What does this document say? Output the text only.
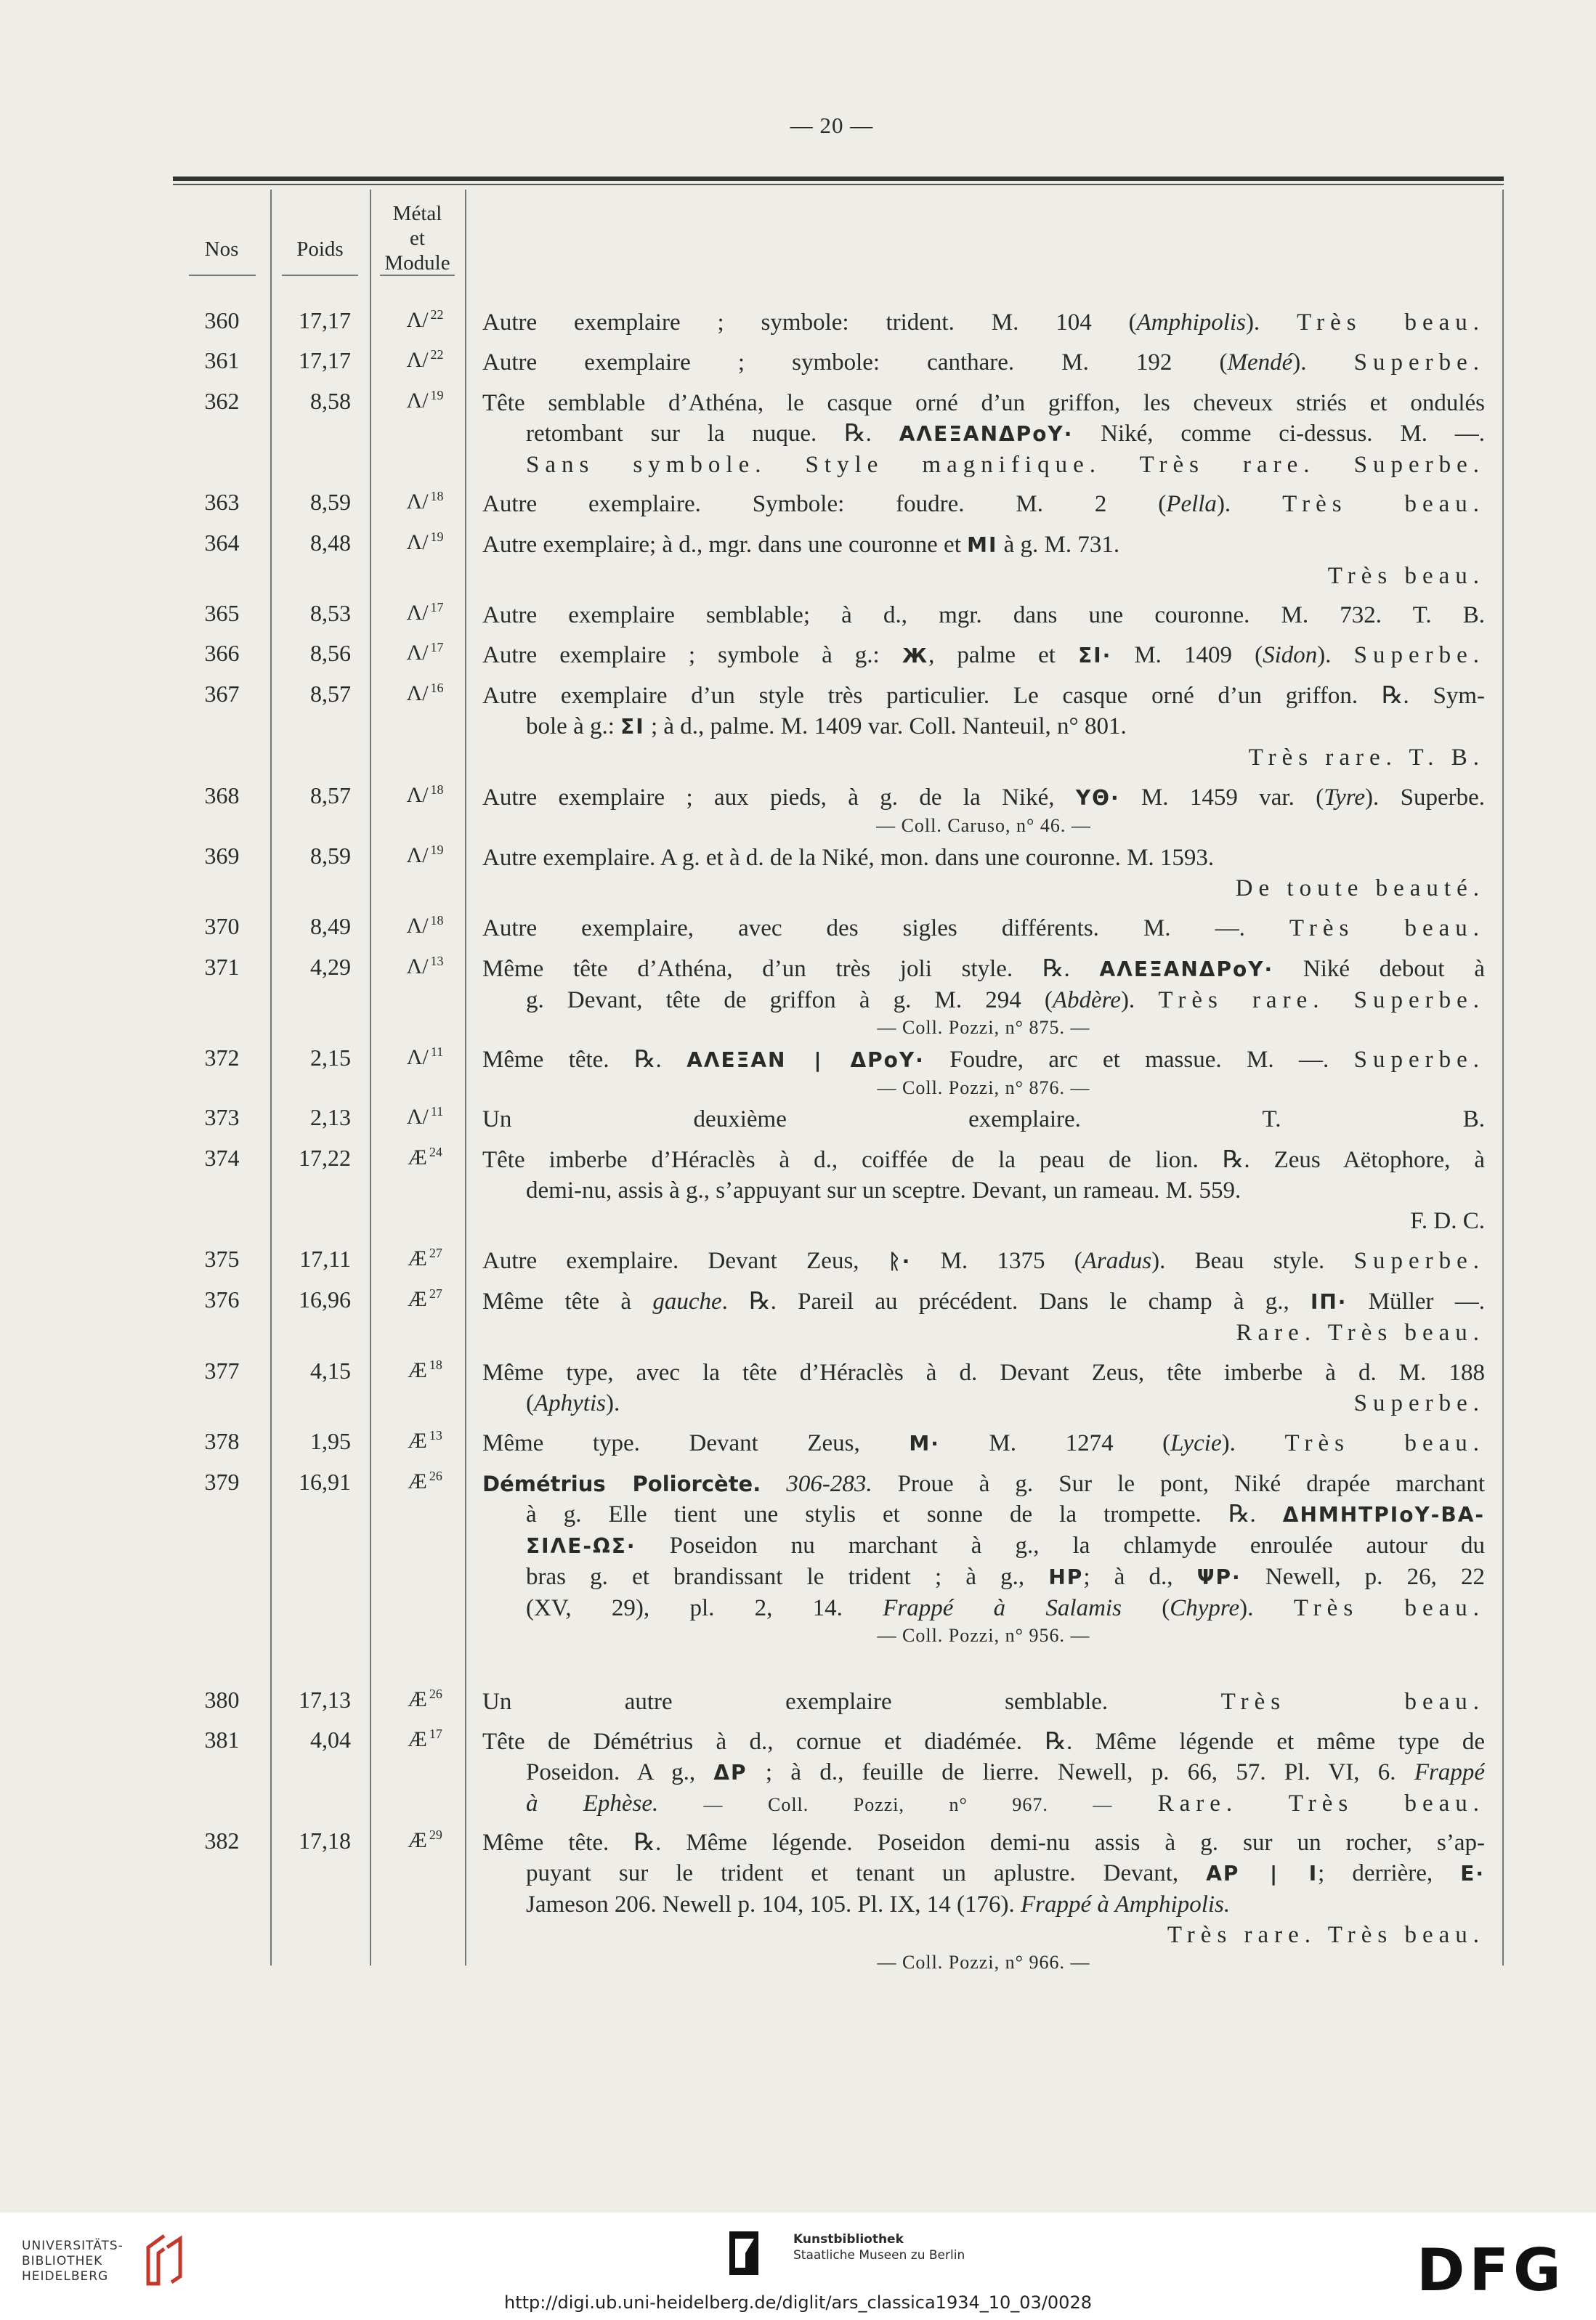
— 20 —
Nos	Poids
Métal
et
Module
360	17,17	Λ/ $^{22}$	Autre exemplaire ; symbole: trident. M. 104 (Amphipolis). Très beau.
361	17,17	Λ/ $^{22}$	Autre exemplaire ; symbole: canthare. M. 192 (Mendé). Superbe.
362	8,58	Λ/ $^{19}$	Tête semblable d’Athéna, le casque orné d’un griffon, les cheveux striés et ondulés
retombant sur la nuque. ℞. ΑΛΕΞΑΝΔΡοΥ· Niké, comme ci-dessus. M. —.
Sans symbole. Style magnifique. Très rare. Superbe.
363	8,59	Λ/ $^{18}$	Autre exemplaire. Symbole: foudre. M. 2 (Pella). Très beau.
364	8,48	Λ/ $^{19}$	Autre exemplaire; à d., mgr. dans une couronne et ΜΙ à g. M. 731.
Très beau.
365	8,53	Λ/ $^{17}$	Autre exemplaire semblable; à d., mgr. dans une couronne. M. 732. T. B.
366	8,56	Λ/ $^{17}$	Autre exemplaire ; symbole à g.: Ж, palme et ΣΙ· M. 1409 (Sidon). Superbe.
367	8,57	Λ/ $^{16}$	Autre exemplaire d’un style très particulier. Le casque orné d’un griffon. ℞. Sym-
bole à g.: ΣΙ ; à d., palme. M. 1409 var. Coll. Nanteuil, n° 801.
Très rare. T. B.
368	8,57	Λ/ $^{18}$	Autre exemplaire ; aux pieds, à g. de la Niké, ΥΘ· M. 1459 var. (Tyre). Superbe.
— Coll. Caruso, n° 46. —
369	8,59	Λ/ $^{19}$	Autre exemplaire. A g. et à d. de la Niké, mon. dans une couronne. M. 1593.
De toute beauté.
370	8,49	Λ/ $^{18}$	Autre exemplaire, avec des sigles différents. M. —. Très beau.
371	4,29	Λ/ $^{13}$	Même tête d’Athéna, d’un très joli style. ℞. ΑΛΕΞΑΝΔΡοΥ· Niké debout à
g. Devant, tête de griffon à g. M. 294 (Abdère). Très rare. Superbe.
— Coll. Pozzi, n° 875. —
372	2,15	Λ/ $^{11}$	Même tête. ℞. ΑΛΕΞΑΝ | ΔΡοΥ· Foudre, arc et massue. M. —. Superbe.
— Coll. Pozzi, n° 876. —
373	2,13	Λ/ $^{11}$	Un deuxième exemplaire.	T. B.
374	17,22	Æ $^{24}$	Tête imberbe d’Héraclès à d., coiffée de la peau de lion. ℞. Zeus Aëtophore, à
demi-nu, assis à g., s’appuyant sur un sceptre. Devant, un rameau. M. 559.
F. D. C.
375	17,11	Æ $^{27}$	Autre exemplaire. Devant Zeus, ᚱ· M. 1375 (Aradus). Beau style. Superbe.
376	16,96	Æ $^{27}$	Même tête à gauche. ℞. Pareil au précédent. Dans le champ à g., ΙΠ· Müller —.
Rare. Très beau.
377	4,15	Æ $^{18}$	Même type, avec la tête d’Héraclès à d. Devant Zeus, tête imberbe à d. M. 188
(Aphytis).	Superbe.
378	1,95	Æ $^{13}$	Même type. Devant Zeus, Μ· M. 1274 (Lycie). Très beau.
379	16,91	Æ $^{26}$	Démétrius Poliorcète. 306-283. Proue à g. Sur le pont, Niké drapée marchant
à g. Elle tient une stylis et sonne de la trompette. ℞. ΔΗΜΗΤΡΙοΥ-ΒΑ-
ΣΙΛΕ-ΩΣ· Poseidon nu marchant à g., la chlamyde enroulée autour du
bras g. et brandissant le trident ; à g., ΗΡ; à d., ΨΡ· Newell, p. 26, 22
(XV, 29), pl. 2, 14. Frappé à Salamis (Chypre). Très beau.
— Coll. Pozzi, n° 956. —
380	17,13	Æ $^{26}$	Un autre exemplaire semblable.	Très beau.
381	4,04	Æ $^{17}$	Tête de Démétrius à d., cornue et diadémée. ℞. Même légende et même type de
Poseidon. A g., ΔΡ ; à d., feuille de lierre. Newell, p. 66, 57. Pl. VI, 6. Frappé
à Ephèse. — Coll. Pozzi, n° 967. — Rare. Très beau.
382	17,18	Æ $^{29}$	Même tête. ℞. Même légende. Poseidon demi-nu assis à g. sur un rocher, s’ap-
puyant sur le trident et tenant un aplustre. Devant, ΑΡ | Ι; derrière, Ε·
Jameson 206. Newell p. 104, 105. Pl. IX, 14 (176). Frappé à Amphipolis.
Très rare. Très beau.
— Coll. Pozzi, n° 966. —
UNIVERSITÄTS-
BIBLIOTHEK
HEIDELBERG
Kunstbibliothek
Staatliche Museen zu Berlin	DFG
http://digi.ub.uni-heidelberg.de/diglit/ars_classica1934_10_03/0028
